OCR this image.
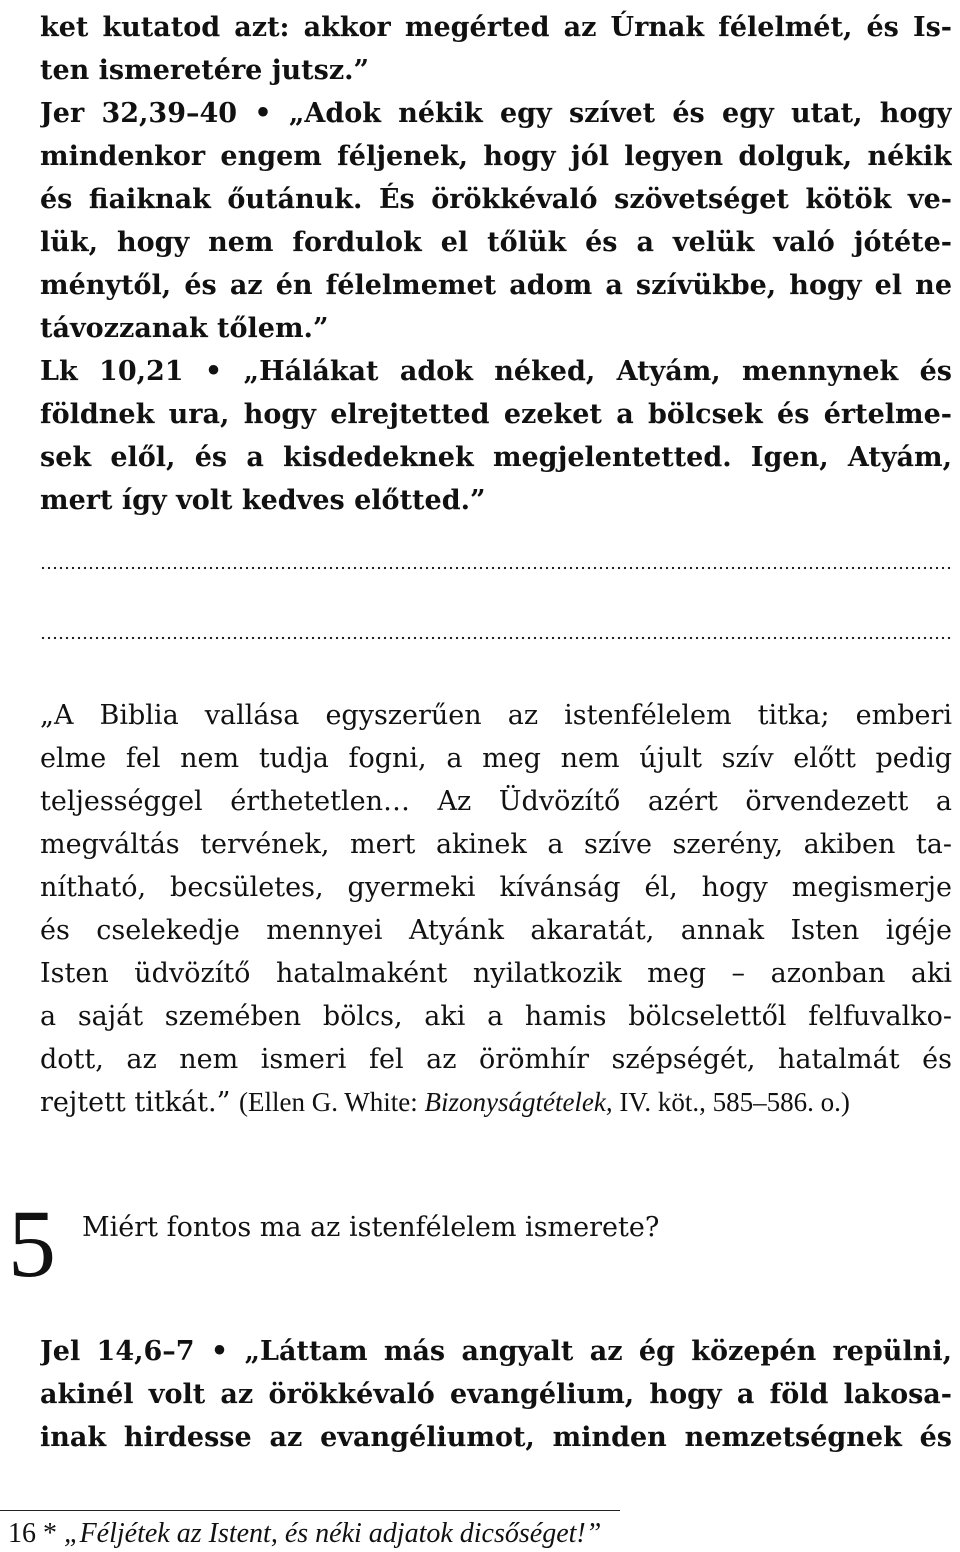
ket kutatod azt: akkor megérted az Úrnak félelmét, és Is-
ten ismeretére jutsz.”
Jer 32,39–40 • „Adok nékik egy szívet és egy utat, hogy
mindenkor engem féljenek, hogy jól legyen dolguk, nékik
és fiaiknak őutánuk. És örökkévaló szövetséget kötök ve-
lük, hogy nem fordulok el tőlük és a velük való jótéte-
ménytől, és az én félelmemet adom a szívükbe, hogy el ne
távozzanak tőlem.”
Lk 10,21 • „Hálákat adok néked, Atyám, mennynek és
földnek ura, hogy elrejtetted ezeket a bölcsek és értelme-
sek elől, és a kisdedeknek megjelentetted. Igen, Atyám,
mert így volt kedves előtted.”
„A Biblia vallása egyszerűen az istenfélelem titka; emberi
elme fel nem tudja fogni, a meg nem újult szív előtt pedig
teljességgel érthetetlen… Az Üdvözítő azért örvendezett a
megváltás tervének, mert akinek a szíve szerény, akiben ta-
nítható, becsületes, gyermeki kívánság él, hogy megismerje
és cselekedje mennyei Atyánk akaratát, annak Isten igéje
Isten üdvözítő hatalmaként nyilatkozik meg – azonban aki
a saját szemében bölcs, aki a hamis bölcselettől felfuvalko-
dott, az nem ismeri fel az örömhír szépségét, hatalmát és
rejtett titkát.” (Ellen G. White: Bizonyságtételek, IV. köt., 585–586. o.)
5 Miért fontos ma az istenfélelem ismerete?
Jel 14,6–7 • „Láttam más angyalt az ég közepén repülni,
akinél volt az örökkévaló evangélium, hogy a föld lakosa-
inak hirdesse az evangéliumot, minden nemzetségnek és
16 * „Féljétek az Istent, és néki adjatok dicsőséget!”
